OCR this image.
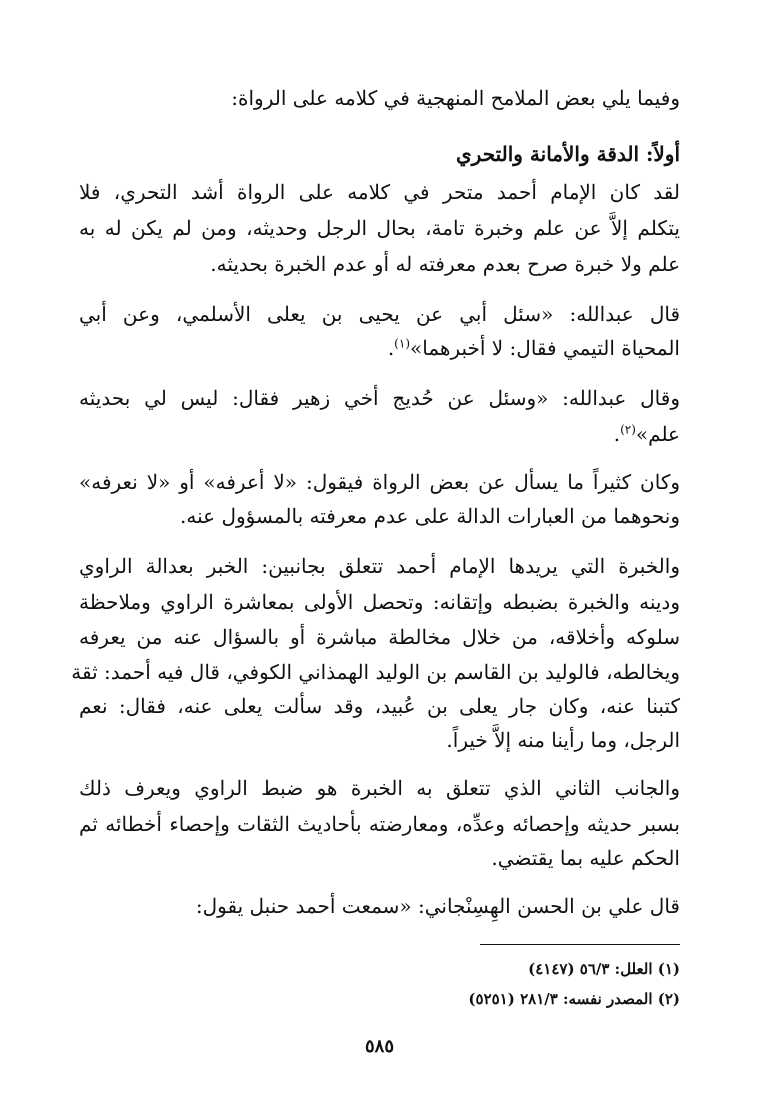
وفيما يلي بعض الملامح المنهجية في كلامه على الرواة:
أولاً: الدقة والأمانة والتحري
لقد كان الإمام أحمد متحر في كلامه على الرواة أشد التحري، فلا
يتكلم إلاَّ عن علم وخبرة تامة، بحال الرجل وحديثه، ومن لم يكن له به
علم ولا خبرة صرح بعدم معرفته له أو عدم الخبرة بحديثه.
قال عبدالله: «سئل أبي عن يحيى بن يعلى الأسلمي، وعن أبي
المحياة التيمي فقال: لا أخبرهما»$^{(١)}$.
وقال عبدالله: «وسئل عن حُديج أخي زهير فقال: ليس لي بحديثه
علم»$^{(٢)}$.
وكان كثيراً ما يسأل عن بعض الرواة فيقول: «لا أعرفه» أو «لا نعرفه»
ونحوهما من العبارات الدالة على عدم معرفته بالمسؤول عنه.
والخبرة التي يريدها الإمام أحمد تتعلق بجانبين: الخبر بعدالة الراوي
ودينه والخبرة بضبطه وإتقانه: وتحصل الأولى بمعاشرة الراوي وملاحظة
سلوكه وأخلاقه، من خلال مخالطة مباشرة أو بالسؤال عنه من يعرفه
ويخالطه، فالوليد بن القاسم بن الوليد الهمذاني الكوفي، قال فيه أحمد: ثقة
كتبنا عنه، وكان جار يعلى بن عُبيد، وقد سألت يعلى عنه، فقال: نعم
الرجل، وما رأينا منه إلاَّ خيراً.
والجانب الثاني الذي تتعلق به الخبرة هو ضبط الراوي ويعرف ذلك
بسبر حديثه وإحصائه وعدِّه، ومعارضته بأحاديث الثقات وإحصاء أخطائه ثم
الحكم عليه بما يقتضي.
قال علي بن الحسن الهِسِنْجاني: «سمعت أحمد حنبل يقول:
(١) العلل: ٥٦/٣ (٤١٤٧)
(٢) المصدر نفسه: ٢٨١/٣ (٥٢٥١)
٥٨٥
